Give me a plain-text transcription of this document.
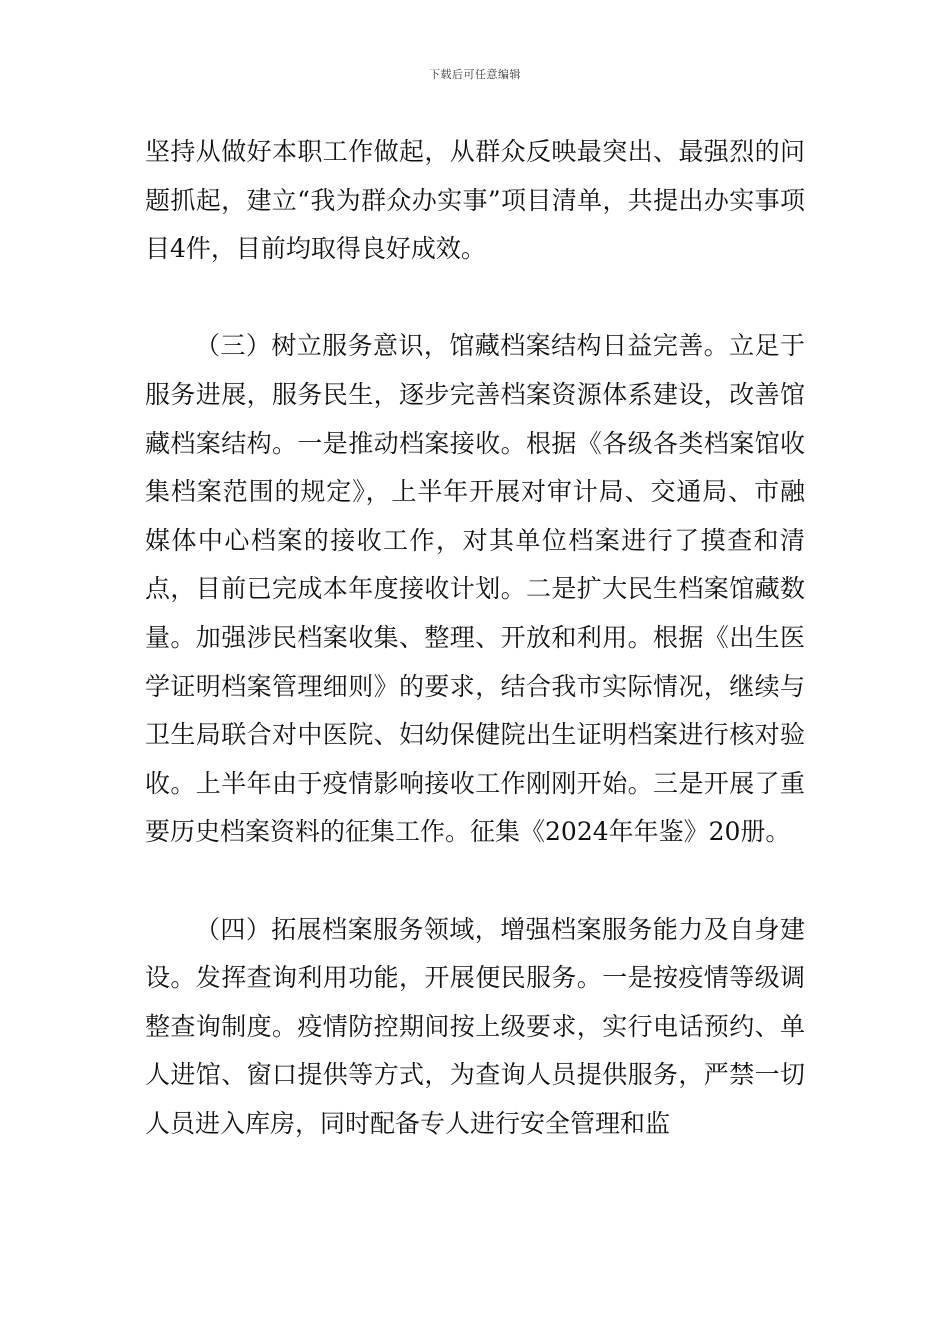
下载后可任意编辑

坚持从做好本职工作做起，从群众反映最突出、最强烈的问题抓起，建立“我为群众办实事”项目清单，共提出办实事项目4件，目前均取得良好成效。

（三）树立服务意识，馆藏档案结构日益完善。立足于服务进展，服务民生，逐步完善档案资源体系建设，改善馆藏档案结构。一是推动档案接收。根据《各级各类档案馆收集档案范围的规定》，上半年开展对审计局、交通局、市融媒体中心档案的接收工作，对其单位档案进行了摸查和清点，目前已完成本年度接收计划。二是扩大民生档案馆藏数量。加强涉民档案收集、整理、开放和利用。根据《出生医学证明档案管理细则》的要求，结合我市实际情况，继续与卫生局联合对中医院、妇幼保健院出生证明档案进行核对验收。上半年由于疫情影响接收工作刚刚开始。三是开展了重要历史档案资料的征集工作。征集《2024年年鉴》20册。

（四）拓展档案服务领域，增强档案服务能力及自身建设。发挥查询利用功能，开展便民服务。一是按疫情等级调整查询制度。疫情防控期间按上级要求，实行电话预约、单人进馆、窗口提供等方式，为查询人员提供服务，严禁一切人员进入库房，同时配备专人进行安全管理和监
